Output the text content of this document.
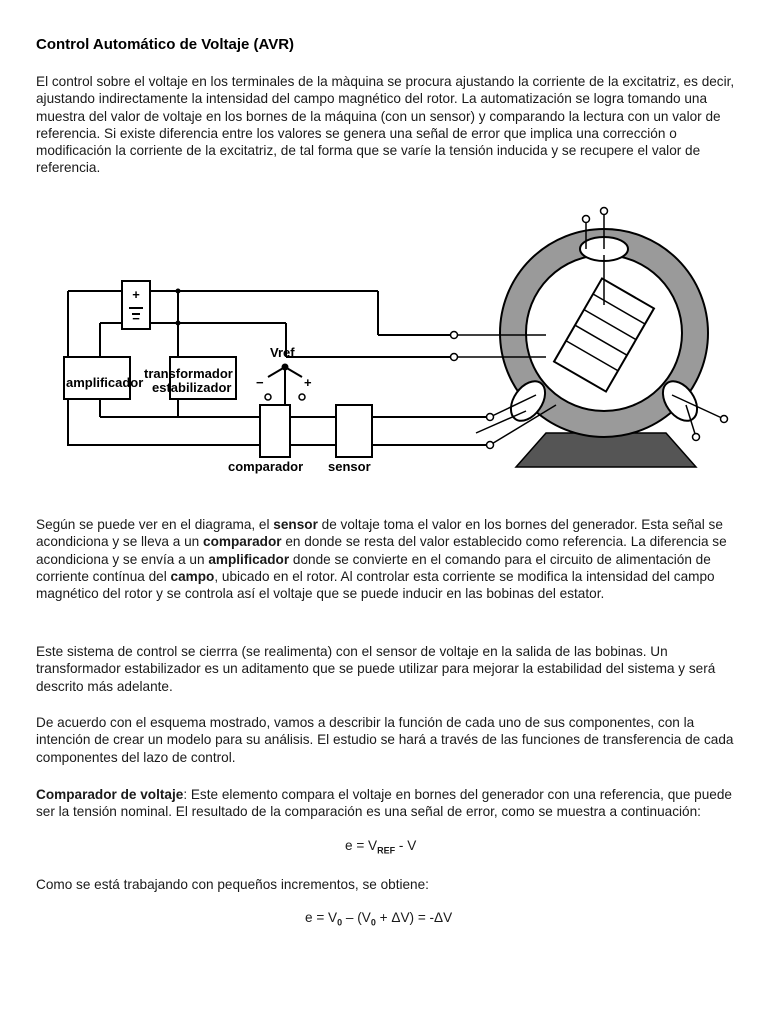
Control Automático de Voltaje (AVR)

El control sobre el voltaje en los terminales de la màquina se procura ajustando la corriente de la excitatriz, es decir, ajustando indirectamente la intensidad del campo magnético del rotor. La automatización se logra tomando una muestra del valor de voltaje en los bornes de la máquina (con un sensor) y comparando la lectura con un valor de referencia. Si existe diferencia entre los valores se genera una señal de error que implica una corrección o modificación la corriente de la excitatriz, de tal forma que se varíe la tensión inducida y se recupere el valor de referencia.

+
−
amplificador
transformador
estabilizador
Vref
−	+
comparador sensor

Según se puede ver en el diagrama, el sensor de voltaje toma el valor en los bornes del generador. Esta señal se acondiciona y se lleva a un comparador en donde se resta del valor establecido como referencia. La diferencia se acondiciona y se envía a un amplificador donde se convierte en el comando para el circuito de alimentación de corriente contínua del campo, ubicado en el rotor. Al controlar esta corriente se modifica la intensidad del campo magnético del rotor y se controla así el voltaje que se puede inducir en las bobinas del estator.

Este sistema de control se cierrra (se realimenta) con el sensor de voltaje en la salida de las bobinas. Un transformador estabilizador es un aditamento que se puede utilizar para mejorar la estabilidad del sistema y será descrito más adelante.

De acuerdo con el esquema mostrado, vamos a describir la función de cada uno de sus componentes, con la intención de crear un modelo para su análisis. El estudio se hará a través de las funciones de transferencia de cada componentes del lazo de control.

Comparador de voltaje: Este elemento compara el voltaje en bornes del generador con una referencia, que puede ser la tensión nominal. El resultado de la comparación es una señal de error, como se muestra a continuación:

$e = V_{REF} - V$

Como se está trabajando con pequeños incrementos, se obtiene:

$e = V_0 - (V_0 + \Delta V) = -\Delta V$
